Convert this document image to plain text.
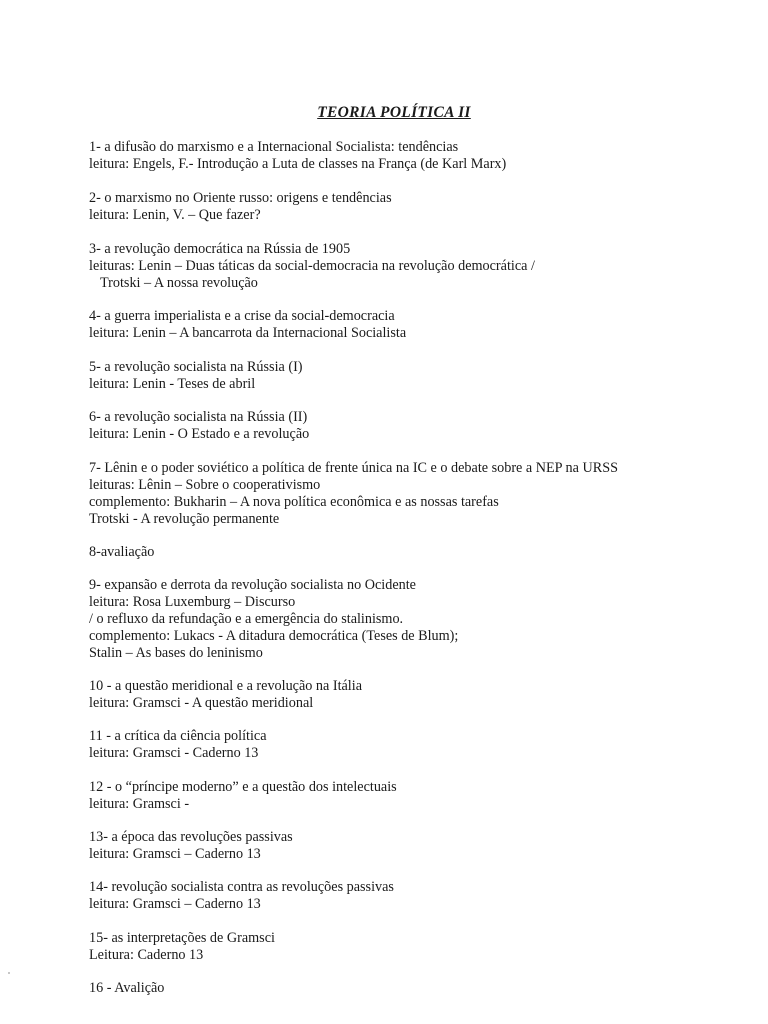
TEORIA POLÍTICA II
1- a difusão do marxismo e a Internacional Socialista: tendências
leitura: Engels, F.- Introdução a Luta de classes na França (de Karl Marx)
2- o marxismo no Oriente russo: origens e tendências
leitura: Lenin, V. – Que fazer?
3- a revolução democrática na Rússia de 1905
leituras: Lenin – Duas táticas da social-democracia na revolução democrática /
Trotski – A nossa revolução
4- a guerra imperialista e a crise da social-democracia
leitura: Lenin – A bancarrota da Internacional Socialista
5- a revolução socialista na Rússia (I)
leitura: Lenin - Teses de abril
6- a revolução socialista na Rússia (II)
leitura: Lenin - O Estado e a revolução
7- Lênin e o poder soviético a política de frente única na IC e o debate sobre a NEP na URSS
leituras: Lênin – Sobre o cooperativismo
complemento: Bukharin – A nova política econômica e as nossas tarefas
Trotski - A revolução permanente
8-avaliação
9- expansão e derrota da revolução socialista no Ocidente
leitura: Rosa Luxemburg – Discurso
/ o refluxo da refundação e a emergência do stalinismo.
complemento: Lukacs - A ditadura democrática (Teses de Blum);
Stalin – As bases do leninismo
10 - a questão meridional e a revolução na Itália
leitura: Gramsci - A questão meridional
11 - a crítica da ciência política
leitura: Gramsci - Caderno 13
12 - o “príncipe moderno” e a questão dos intelectuais
leitura: Gramsci -
13- a época das revoluções passivas
leitura: Gramsci – Caderno 13
14- revolução socialista contra as revoluções passivas
leitura: Gramsci – Caderno 13
15- as interpretações de Gramsci
Leitura: Caderno 13
16 - Avalição
